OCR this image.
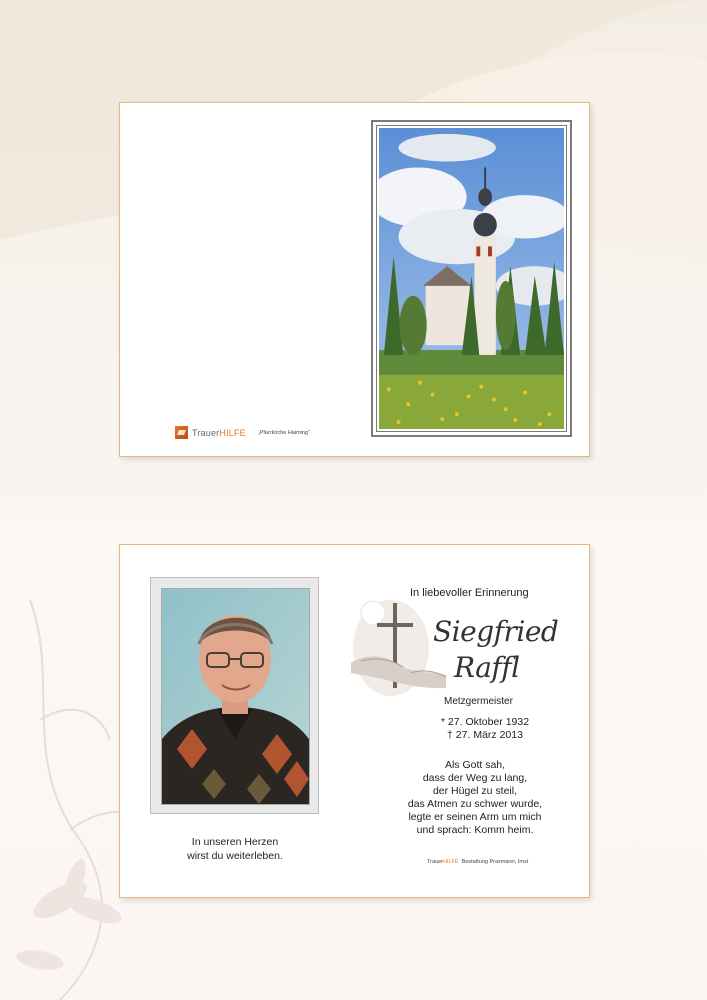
TrauerHILFE „Pfarrkirche Haiming“
In unseren Herzen
wirst du weiterleben.
In liebevoller Erinnerung
Siegfried
Raffl
Metzgermeister
* 27. Oktober 1932
† 27. März 2013
Als Gott sah,
dass der Weg zu lang,
der Hügel zu steil,
das Atmen zu schwer wurde,
legte er seinen Arm um mich
und sprach: Komm heim.
TrauerHILFE Bestattung Praxmarer, Imst
